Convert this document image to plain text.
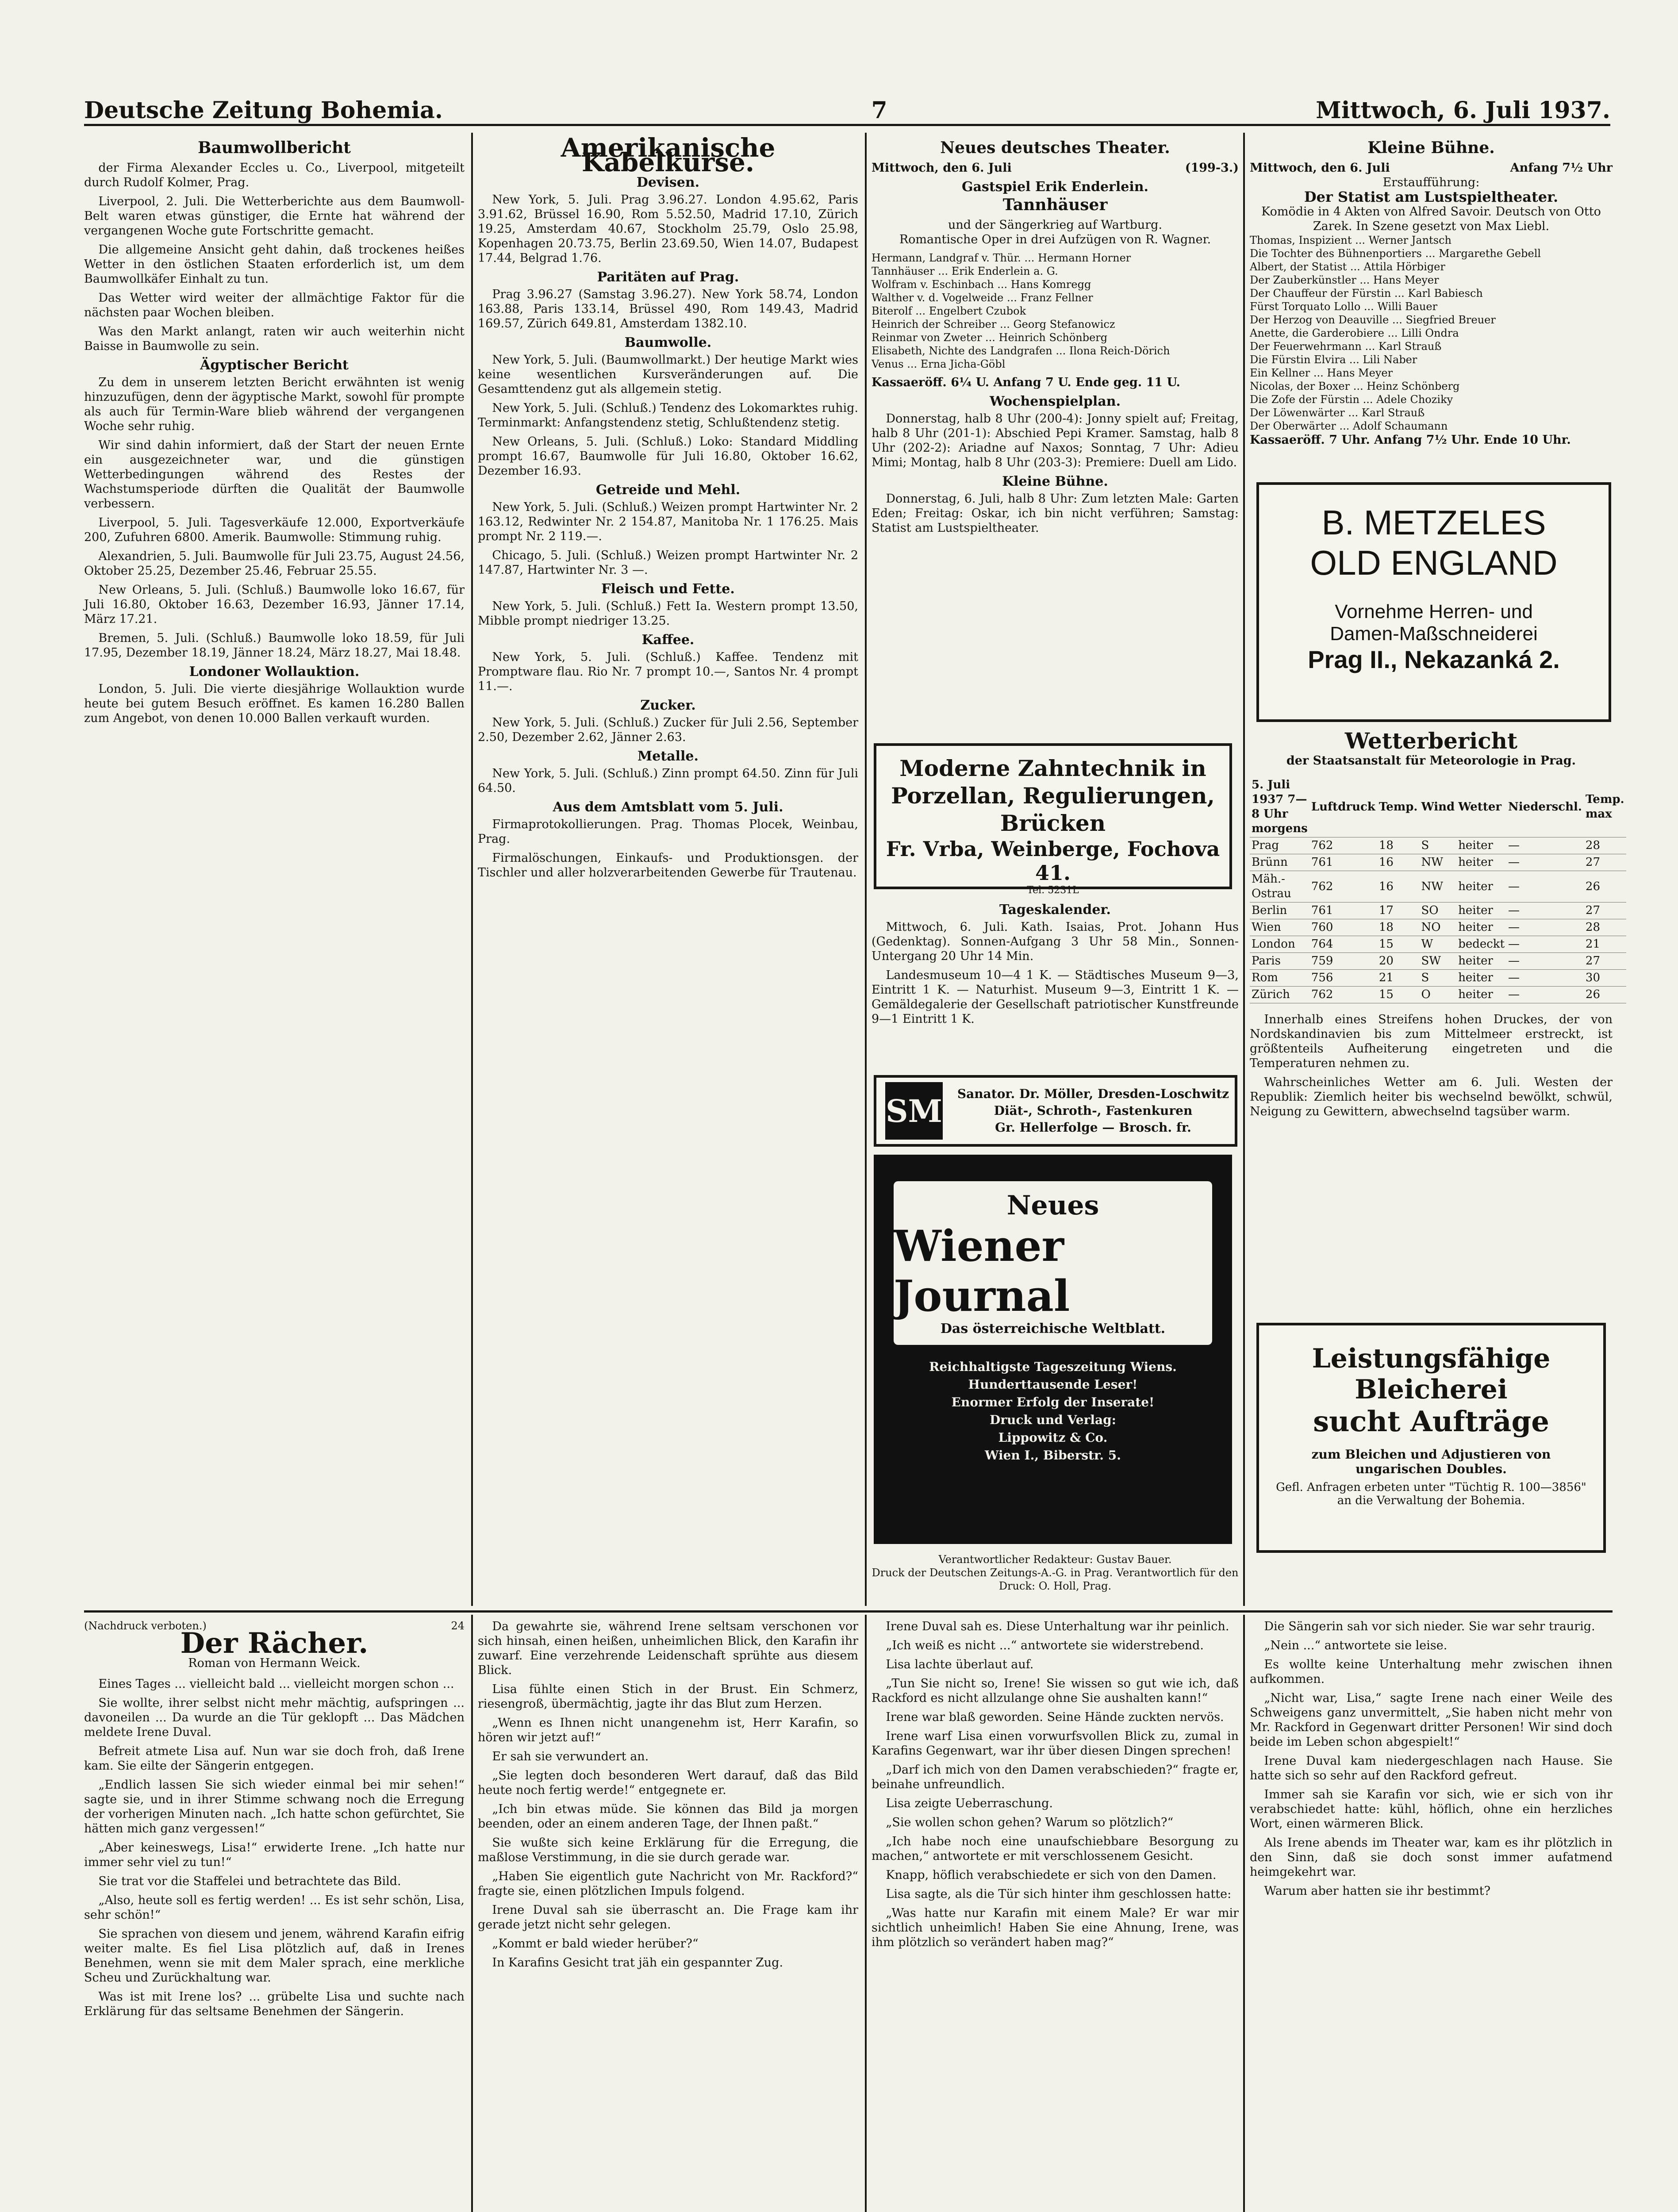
Deutsche Zeitung Bohemia.	7	Mittwoch, 6. Juli 1937.
Baumwollbericht

der Firma Alexander Eccles u. Co., Liverpool, mitgeteilt durch Rudolf Kolmer, Prag.

Liverpool, 2. Juli. Die Wetterberichte aus dem Baumwoll-Belt waren etwas günstiger, die Ernte hat während der vergangenen Woche gute Fortschritte gemacht.

Die allgemeine Ansicht geht dahin, daß trockenes heißes Wetter in den östlichen Staaten erforderlich ist, um dem Baumwollkäfer Einhalt zu tun.

Das Wetter wird weiter der allmächtige Faktor für die nächsten paar Wochen bleiben.

Was den Markt anlangt, raten wir auch weiterhin nicht Baisse in Baumwolle zu sein.

Ägyptischer Bericht

Zu dem in unserem letzten Bericht erwähnten ist wenig hinzuzufügen, denn der ägyptische Markt, sowohl für prompte als auch für Termin-Ware blieb während der vergangenen Woche sehr ruhig.

Wir sind dahin informiert, daß der Start der neuen Ernte ein ausgezeichneter war, und die günstigen Wetterbedingungen während des Restes der Wachstumsperiode dürften die Qualität der Baumwolle verbessern.

Liverpool, 5. Juli. Tagesverkäufe 12.000, Exportverkäufe 200, Zufuhren 6800. Amerik. Baumwolle: Stimmung ruhig.

Alexandrien, 5. Juli. Baumwolle für Juli 23.75, August 24.56, Oktober 25.25, Dezember 25.46, Februar 25.55.

New Orleans, 5. Juli. (Schluß.) Baumwolle loko 16.67, für Juli 16.80, Oktober 16.63, Dezember 16.93, Jänner 17.14, März 17.21.

Bremen, 5. Juli. (Schluß.) Baumwolle loko 18.59, für Juli 17.95, Dezember 18.19, Jänner 18.24, März 18.27, Mai 18.48.

Londoner Wollauktion.

London, 5. Juli. Die vierte diesjährige Wollauktion wurde heute bei gutem Besuch eröffnet. Es kamen 16.280 Ballen zum Angebot, von denen 10.000 Ballen verkauft wurden.

Amerikanische Kabelkurse.
Devisen.

New York, 5. Juli. Prag 3.96.27. London 4.95.62, Paris 3.91.62, Brüssel 16.90, Rom 5.52.50, Madrid 17.10, Zürich 19.25, Amsterdam 40.67, Stockholm 25.79, Oslo 25.98, Kopenhagen 20.73.75, Berlin 23.69.50, Wien 14.07, Budapest 17.44, Belgrad 1.76.

Paritäten auf Prag.

Prag 3.96.27 (Samstag 3.96.27). New York 58.74, London 163.88, Paris 133.14, Brüssel 490, Rom 149.43, Madrid 169.57, Zürich 649.81, Amsterdam 1382.10.

Baumwolle.

New York, 5. Juli. (Baumwollmarkt.) Der heutige Markt wies keine wesentlichen Kursveränderungen auf. Die Gesamttendenz gut als allgemein stetig.

New York, 5. Juli. (Schluß.) Tendenz des Lokomarktes ruhig. Terminmarkt: Anfangstendenz stetig, Schlußtendenz stetig.

New Orleans, 5. Juli. (Schluß.) Loko: Standard Middling prompt 16.67, Baumwolle für Juli 16.80, Oktober 16.62, Dezember 16.93.

Getreide und Mehl.

New York, 5. Juli. (Schluß.) Weizen prompt Hartwinter Nr. 2 163.12, Redwinter Nr. 2 154.87, Manitoba Nr. 1 176.25. Mais prompt Nr. 2 119.—.

Chicago, 5. Juli. (Schluß.) Weizen prompt Hartwinter Nr. 2 147.87, Hartwinter Nr. 3 —.

Fleisch und Fette.

New York, 5. Juli. (Schluß.) Fett Ia. Western prompt 13.50, Mibble prompt niedriger 13.25.

Kaffee.

New York, 5. Juli. (Schluß.) Kaffee. Tendenz mit Promptware flau. Rio Nr. 7 prompt 10.—, Santos Nr. 4 prompt 11.—.

Zucker.

New York, 5. Juli. (Schluß.) Zucker für Juli 2.56, September 2.50, Dezember 2.62, Jänner 2.63.

Metalle.

New York, 5. Juli. (Schluß.) Zinn prompt 64.50. Zinn für Juli 64.50.

Aus dem Amtsblatt vom 5. Juli.

Firmaprotokollierungen. Prag. Thomas Plocek, Weinbau, Prag.

Firmalöschungen, Einkaufs- und Produktionsgen. der Tischler und aller holzverarbeitenden Gewerbe für Trautenau.

Neues deutsches Theater.
Mittwoch, den 6. Juli	(199-3.)
Gastspiel Erik Enderlein.
Tannhäuser
und der Sängerkrieg auf Wartburg.
Romantische Oper in drei Aufzügen von R. Wagner.
Hermann, Landgraf v. Thür. ... Hermann Horner
Tannhäuser ... Erik Enderlein a. G.
Wolfram v. Eschinbach ... Hans Komregg
Walther v. d. Vogelweide ... Franz Fellner
Biterolf ... Engelbert Czubok
Heinrich der Schreiber ... Georg Stefanowicz
Reinmar von Zweter ... Heinrich Schönberg
Elisabeth, Nichte des Landgrafen ... Ilona Reich-Dörich
Venus ... Erna Jicha-Göbl
Kassaeröff. 6¼ U. Anfang 7 U. Ende geg. 11 U.
Wochenspielplan.

Donnerstag, halb 8 Uhr (200-4): Jonny spielt auf; Freitag, halb 8 Uhr (201-1): Abschied Pepi Kramer. Samstag, halb 8 Uhr (202-2): Ariadne auf Naxos; Sonntag, 7 Uhr: Adieu Mimi; Montag, halb 8 Uhr (203-3): Premiere: Duell am Lido.

Kleine Bühne.

Donnerstag, 6. Juli, halb 8 Uhr: Zum letzten Male: Garten Eden; Freitag: Oskar, ich bin nicht verführen; Samstag: Statist am Lustspieltheater.

Moderne Zahntechnik in Porzellan, Regulierungen, Brücken
Fr. Vrba, Weinberge, Fochova 41.
Tel. 5231L
Tageskalender.

Mittwoch, 6. Juli. Kath. Isaias, Prot. Johann Hus (Gedenktag). Sonnen-Aufgang 3 Uhr 58 Min., Sonnen-Untergang 20 Uhr 14 Min.

Landesmuseum 10—4 1 K. — Städtisches Museum 9—3, Eintritt 1 K. — Naturhist. Museum 9—3, Eintritt 1 K. — Gemäldegalerie der Gesellschaft patriotischer Kunstfreunde 9—1 Eintritt 1 K.

SM	Sanator. Dr. Möller, Dresden-Loschwitz
Diät-, Schroth-, Fastenkuren
Gr. Hellerfolge — Brosch. fr.
Neues
Wiener Journal
Das österreichische Weltblatt.
Reichhaltigste Tageszeitung Wiens.
Hunderttausende Leser!
Enormer Erfolg der Inserate!
Druck und Verlag:
Lippowitz & Co.
Wien I., Biberstr. 5.
Verantwortlicher Redakteur: Gustav Bauer.
Druck der Deutschen Zeitungs-A.-G. in Prag. Verantwortlich für den Druck: O. Holl, Prag.
Kleine Bühne.
Mittwoch, den 6. Juli	Anfang 7½ Uhr
Erstaufführung:
Der Statist am Lustspieltheater.
Komödie in 4 Akten von Alfred Savoir. Deutsch von Otto Zarek. In Szene gesetzt von Max Liebl.
Thomas, Inspizient ... Werner Jantsch
Die Tochter des Bühnenportiers ... Margarethe Gebell
Albert, der Statist ... Attila Hörbiger
Der Zauberkünstler ... Hans Meyer
Der Chauffeur der Fürstin ... Karl Babiesch
Fürst Torquato Lollo ... Willi Bauer
Der Herzog von Deauville ... Siegfried Breuer
Anette, die Garderobiere ... Lilli Ondra
Der Feuerwehrmann ... Karl Strauß
Die Fürstin Elvira ... Lili Naber
Ein Kellner ... Hans Meyer
Nicolas, der Boxer ... Heinz Schönberg
Die Zofe der Fürstin ... Adele Choziky
Der Löwenwärter ... Karl Strauß
Der Oberwärter ... Adolf Schaumann
Kassaeröff. 7 Uhr. Anfang 7½ Uhr. Ende 10 Uhr.
B. METZELES
OLD ENGLAND
Vornehme Herren- und
Damen-Maßschneiderei
Prag II., Nekazanká 2.
Wetterbericht
der Staatsanstalt für Meteorologie in Prag.
5. Juli 1937 7—8 Uhr morgens	Luftdruck	Temp.	Wind	Wetter	Niederschl.	Temp. max
Prag	762	18	S	heiter	—	28
Brünn	761	16	NW	heiter	—	27
Mäh.-Ostrau	762	16	NW	heiter	—	26
Berlin	761	17	SO	heiter	—	27
Wien	760	18	NO	heiter	—	28
London	764	15	W	bedeckt	—	21
Paris	759	20	SW	heiter	—	27
Rom	756	21	S	heiter	—	30
Zürich	762	15	O	heiter	—	26

Innerhalb eines Streifens hohen Druckes, der von Nordskandinavien bis zum Mittelmeer erstreckt, ist größtenteils Aufheiterung eingetreten und die Temperaturen nehmen zu.

Wahrscheinliches Wetter am 6. Juli. Westen der Republik: Ziemlich heiter bis wechselnd bewölkt, schwül, Neigung zu Gewittern, abwechselnd tagsüber warm.

Leistungsfähige Bleicherei
sucht Aufträge
zum Bleichen und Adjustieren von ungarischen Doubles.
Gefl. Anfragen erbeten unter "Tüchtig R. 100—3856" an die Verwaltung der Bohemia.
(Nachdruck verboten.)	24
Der Rächer.
Roman von Hermann Weick.

Eines Tages ... vielleicht bald ... vielleicht morgen schon ...

Sie wollte, ihrer selbst nicht mehr mächtig, aufspringen ... davoneilen ... Da wurde an die Tür geklopft ... Das Mädchen meldete Irene Duval.

Befreit atmete Lisa auf. Nun war sie doch froh, daß Irene kam. Sie eilte der Sängerin entgegen.

„Endlich lassen Sie sich wieder einmal bei mir sehen!“ sagte sie, und in ihrer Stimme schwang noch die Erregung der vorherigen Minuten nach. „Ich hatte schon gefürchtet, Sie hätten mich ganz vergessen!“

„Aber keineswegs, Lisa!“ erwiderte Irene. „Ich hatte nur immer sehr viel zu tun!“

Sie trat vor die Staffelei und betrachtete das Bild.

„Also, heute soll es fertig werden! ... Es ist sehr schön, Lisa, sehr schön!“

Sie sprachen von diesem und jenem, während Karafin eifrig weiter malte. Es fiel Lisa plötzlich auf, daß in Irenes Benehmen, wenn sie mit dem Maler sprach, eine merkliche Scheu und Zurückhaltung war.

Was ist mit Irene los? ... grübelte Lisa und suchte nach Erklärung für das seltsame Benehmen der Sängerin.

Da gewahrte sie, während Irene seltsam verschonen vor sich hinsah, einen heißen, unheimlichen Blick, den Karafin ihr zuwarf. Eine verzehrende Leidenschaft sprühte aus diesem Blick.

Lisa fühlte einen Stich in der Brust. Ein Schmerz, riesengroß, übermächtig, jagte ihr das Blut zum Herzen.

„Wenn es Ihnen nicht unangenehm ist, Herr Karafin, so hören wir jetzt auf!“

Er sah sie verwundert an.

„Sie legten doch besonderen Wert darauf, daß das Bild heute noch fertig werde!“ entgegnete er.

„Ich bin etwas müde. Sie können das Bild ja morgen beenden, oder an einem anderen Tage, der Ihnen paßt.“

Sie wußte sich keine Erklärung für die Erregung, die maßlose Verstimmung, in die sie durch gerade war.

„Haben Sie eigentlich gute Nachricht von Mr. Rackford?“ fragte sie, einen plötzlichen Impuls folgend.

Irene Duval sah sie überrascht an. Die Frage kam ihr gerade jetzt nicht sehr gelegen.

„Kommt er bald wieder herüber?“

In Karafins Gesicht trat jäh ein gespannter Zug.

Irene Duval sah es. Diese Unterhaltung war ihr peinlich.

„Ich weiß es nicht ...“ antwortete sie widerstrebend.

Lisa lachte überlaut auf.

„Tun Sie nicht so, Irene! Sie wissen so gut wie ich, daß Rackford es nicht allzulange ohne Sie aushalten kann!“

Irene war blaß geworden. Seine Hände zuckten nervös.

Irene warf Lisa einen vorwurfsvollen Blick zu, zumal in Karafins Gegenwart, war ihr über diesen Dingen sprechen!

„Darf ich mich von den Damen verabschieden?“ fragte er, beinahe unfreundlich.

Lisa zeigte Ueberraschung.

„Sie wollen schon gehen? Warum so plötzlich?“

„Ich habe noch eine unaufschiebbare Besorgung zu machen,“ antwortete er mit verschlossenem Gesicht.

Knapp, höflich verabschiedete er sich von den Damen.

Lisa sagte, als die Tür sich hinter ihm geschlossen hatte:

„Was hatte nur Karafin mit einem Male? Er war mir sichtlich unheimlich! Haben Sie eine Ahnung, Irene, was ihm plötzlich so verändert haben mag?“

Die Sängerin sah vor sich nieder. Sie war sehr traurig.

„Nein ...“ antwortete sie leise.

Es wollte keine Unterhaltung mehr zwischen ihnen aufkommen.

„Nicht war, Lisa,“ sagte Irene nach einer Weile des Schweigens ganz unvermittelt, „Sie haben nicht mehr von Mr. Rackford in Gegenwart dritter Personen! Wir sind doch beide im Leben schon abgespielt!“

Irene Duval kam niedergeschlagen nach Hause. Sie hatte sich so sehr auf den Rackford gefreut.

Immer sah sie Karafin vor sich, wie er sich von ihr verabschiedet hatte: kühl, höflich, ohne ein herzliches Wort, einen wärmeren Blick.

Als Irene abends im Theater war, kam es ihr plötzlich in den Sinn, daß sie doch sonst immer aufatmend heimgekehrt war.

Warum aber hatten sie ihr bestimmt?
